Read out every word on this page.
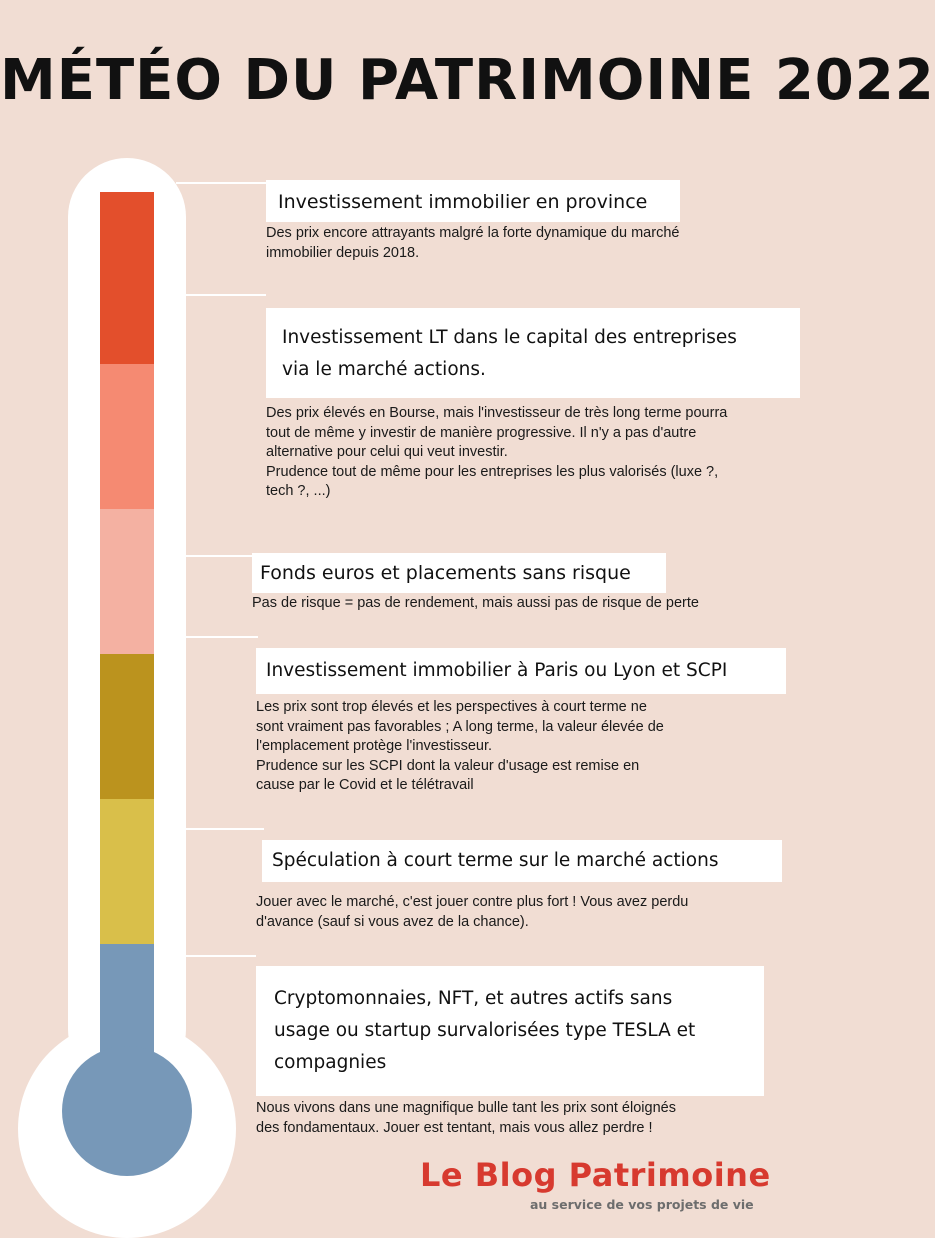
MÉTÉO DU PATRIMOINE 2022
Investissement immobilier en province
Des prix encore attrayants malgré la forte dynamique du marché
immobilier depuis 2018.
Investissement LT dans le capital des entreprises
via le marché actions.
Des prix élevés en Bourse, mais l'investisseur de très long terme pourra
tout de même y investir de manière progressive. Il n'y a pas d'autre
alternative pour celui qui veut investir.
Prudence tout de même pour les entreprises les plus valorisés (luxe ?,
tech ?, ...)
Fonds euros et placements sans risque
Pas de risque = pas de rendement, mais aussi pas de risque de perte
Investissement immobilier à Paris ou Lyon et SCPI
Les prix sont trop élevés et les perspectives à court terme ne
sont vraiment pas favorables ; A long terme, la valeur élevée de
l'emplacement protège l'investisseur.
Prudence sur les SCPI dont la valeur d'usage est remise en
cause par le Covid et le télétravail
Spéculation à court terme sur le marché actions
Jouer avec le marché, c'est jouer contre plus fort ! Vous avez perdu
d'avance (sauf si vous avez de la chance).
Cryptomonnaies, NFT, et autres actifs sans
usage ou startup survalorisées type TESLA et
compagnies
Nous vivons dans une magnifique bulle tant les prix sont éloignés
des fondamentaux. Jouer est tentant, mais vous allez perdre !
Le Blog Patrimoine
au service de vos projets de vie
